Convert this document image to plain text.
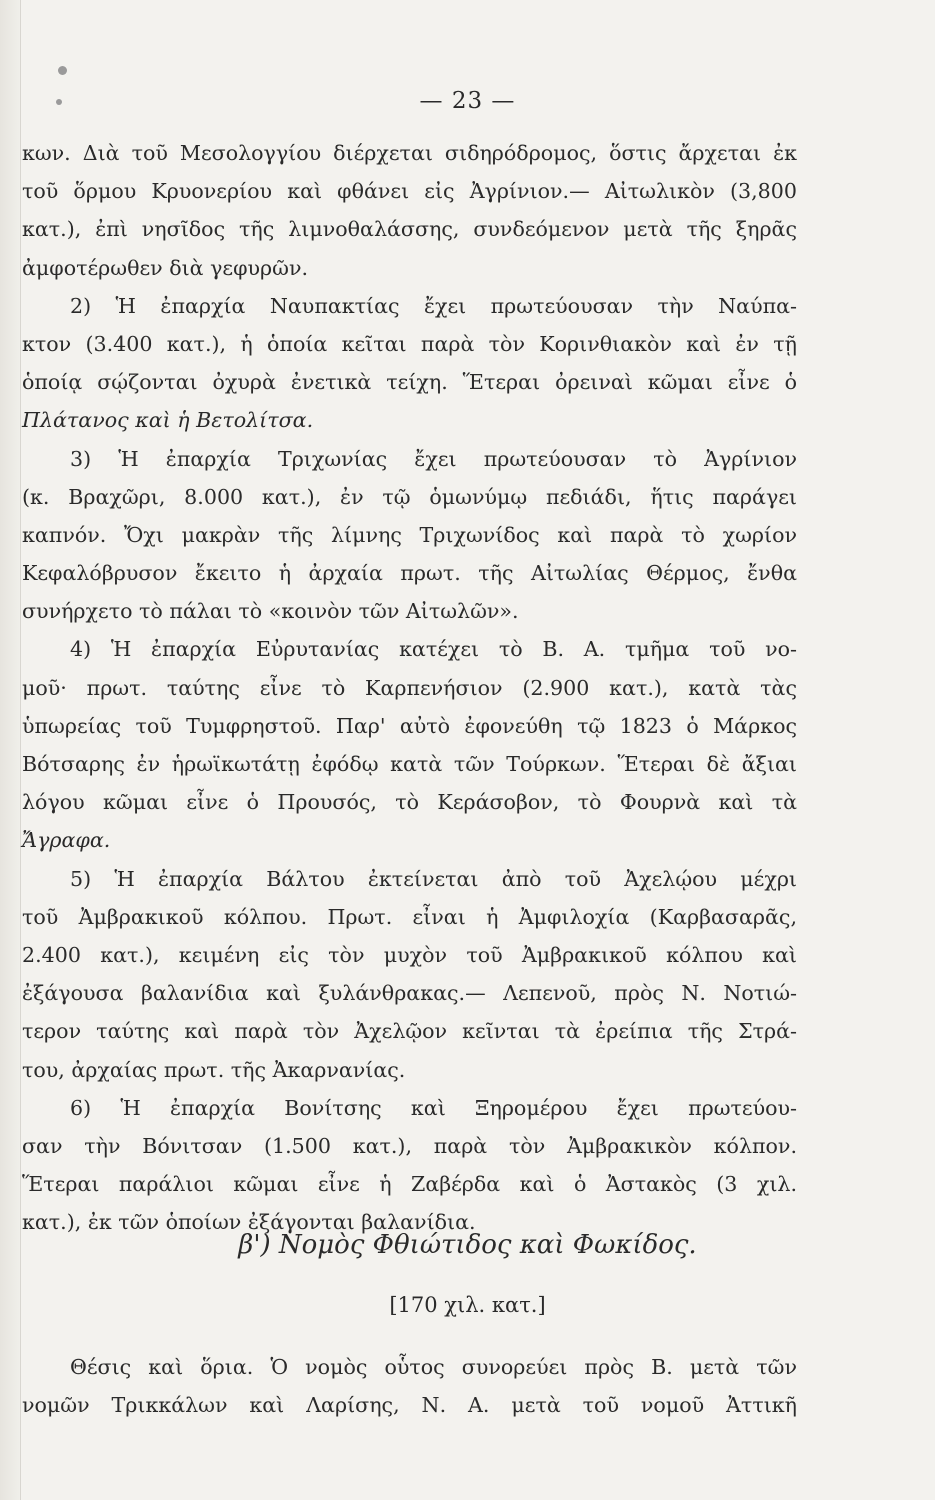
— 23 —
κων. Διὰ τοῦ Μεσολογγίου διέρχεται σιδηρόδρομος, ὅστις ἄρχεται ἐκ
τοῦ ὅρμου Κρυονερίου καὶ φθάνει εἰς Ἀγρίνιον.— Αἰτωλικὸν (3,800
κατ.), ἐπὶ νησῖδος τῆς λιμνοθαλάσσης, συνδεόμενον μετὰ τῆς ξηρᾶς
ἀμφοτέρωθεν διὰ γεφυρῶν.
2) Ἡ ἐπαρχία Ναυπακτίας ἔχει πρωτεύουσαν τὴν Ναύπα-
κτον (3.400 κατ.), ἡ ὁποία κεῖται παρὰ τὸν Κορινθιακὸν καὶ ἐν τῇ
ὁποίᾳ σῴζονται ὀχυρὰ ἐνετικὰ τείχη. Ἕτεραι ὀρειναὶ κῶμαι εἶνε ὁ
Πλάτανος καὶ ἡ Βετολίτσα.
3) Ἡ ἐπαρχία Τριχωνίας ἔχει πρωτεύουσαν τὸ Ἀγρίνιον
(κ. Βραχῶρι, 8.000 κατ.), ἐν τῷ ὁμωνύμῳ πεδιάδι, ἥτις παράγει
καπνόν. Ὄχι μακρὰν τῆς λίμνης Τριχωνίδος καὶ παρὰ τὸ χωρίον
Κεφαλόβρυσον ἔκειτο ἡ ἀρχαία πρωτ. τῆς Αἰτωλίας Θέρμος, ἔνθα
συνήρχετο τὸ πάλαι τὸ «κοινὸν τῶν Αἰτωλῶν».
4) Ἡ ἐπαρχία Εὐρυτανίας κατέχει τὸ Β. Α. τμῆμα τοῦ νο-
μοῦ· πρωτ. ταύτης εἶνε τὸ Καρπενήσιον (2.900 κατ.), κατὰ τὰς
ὑπωρείας τοῦ Τυμφρηστοῦ. Παρ' αὐτὸ ἐφονεύθη τῷ 1823 ὁ Μάρκος
Βότσαρης ἐν ἡρωϊκωτάτῃ ἐφόδῳ κατὰ τῶν Τούρκων. Ἕτεραι δὲ ἄξιαι
λόγου κῶμαι εἶνε ὁ Προυσός, τὸ Κεράσοβον, τὸ Φουρνὰ καὶ τὰ
Ἄγραφα.
5) Ἡ ἐπαρχία Βάλτου ἐκτείνεται ἀπὸ τοῦ Ἀχελῴου μέχρι
τοῦ Ἀμβρακικοῦ κόλπου. Πρωτ. εἶναι ἡ Ἀμφιλοχία (Καρβασαρᾶς,
2.400 κατ.), κειμένη εἰς τὸν μυχὸν τοῦ Ἀμβρακικοῦ κόλπου καὶ
ἐξάγουσα βαλανίδια καὶ ξυλάνθρακας.— Λεπενοῦ, πρὸς Ν. Νοτιώ-
τερον ταύτης καὶ παρὰ τὸν Ἀχελῷον κεῖνται τὰ ἐρείπια τῆς Στρά-
του, ἀρχαίας πρωτ. τῆς Ἀκαρνανίας.
6) Ἡ ἐπαρχία Βονίτσης καὶ Ξηρομέρου ἔχει πρωτεύου-
σαν τὴν Βόνιτσαν (1.500 κατ.), παρὰ τὸν Ἀμβρακικὸν κόλπον.
Ἕτεραι παράλιοι κῶμαι εἶνε ἡ Ζαβέρδα καὶ ὁ Ἀστακὸς (3 χιλ.
κατ.), ἐκ τῶν ὁποίων ἐξάγονται βαλανίδια.
β') Νομὸς Φθιώτιδος καὶ Φωκίδος.
[170 χιλ. κατ.]
Θέσις καὶ ὅρια. Ὁ νομὸς οὗτος συνορεύει πρὸς Β. μετὰ τῶν
νομῶν Τρικκάλων καὶ Λαρίσης, Ν. Α. μετὰ τοῦ νομοῦ Ἀττικῆ
